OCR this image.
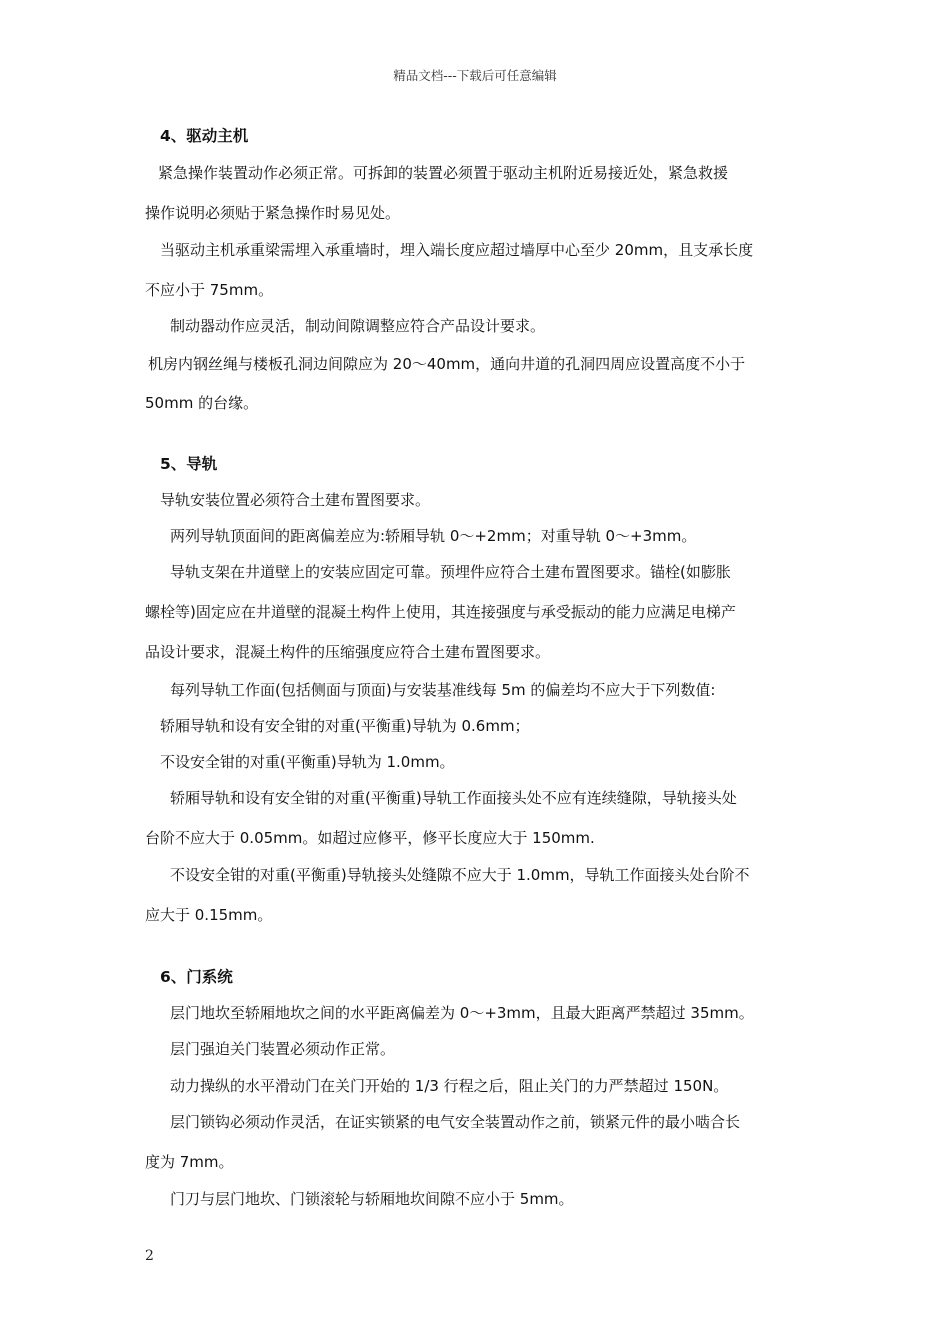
精品文档---下载后可任意编辑
4、驱动主机
紧急操作装置动作必须正常。可拆卸的装置必须置于驱动主机附近易接近处，紧急救援
操作说明必须贴于紧急操作时易见处。
当驱动主机承重梁需埋入承重墙时，埋入端长度应超过墙厚中心至少 20mm，且支承长度
不应小于 75mm。
制动器动作应灵活，制动间隙调整应符合产品设计要求。
机房内钢丝绳与楼板孔洞边间隙应为 20～40mm，通向井道的孔洞四周应设置高度不小于
50mm 的台缘。
5、导轨
导轨安装位置必须符合土建布置图要求。
两列导轨顶面间的距离偏差应为:轿厢导轨 0～+2mm；对重导轨 0～+3mm。
导轨支架在井道壁上的安装应固定可靠。预埋件应符合土建布置图要求。锚栓(如膨胀
螺栓等)固定应在井道壁的混凝土构件上使用，其连接强度与承受振动的能力应满足电梯产
品设计要求，混凝土构件的压缩强度应符合土建布置图要求。
每列导轨工作面(包括侧面与顶面)与安装基准线每 5m 的偏差均不应大于下列数值:
轿厢导轨和设有安全钳的对重(平衡重)导轨为 0.6mm；
不设安全钳的对重(平衡重)导轨为 1.0mm。
轿厢导轨和设有安全钳的对重(平衡重)导轨工作面接头处不应有连续缝隙，导轨接头处
台阶不应大于 0.05mm。如超过应修平，修平长度应大于 150mm.
不设安全钳的对重(平衡重)导轨接头处缝隙不应大于 1.0mm，导轨工作面接头处台阶不
应大于 0.15mm。
6、门系统
层门地坎至轿厢地坎之间的水平距离偏差为 0～+3mm，且最大距离严禁超过 35mm。
层门强迫关门装置必须动作正常。
动力操纵的水平滑动门在关门开始的 1/3 行程之后，阻止关门的力严禁超过 150N。
层门锁钩必须动作灵活，在证实锁紧的电气安全装置动作之前，锁紧元件的最小啮合长
度为 7mm。
门刀与层门地坎、门锁滚轮与轿厢地坎间隙不应小于 5mm。
2
